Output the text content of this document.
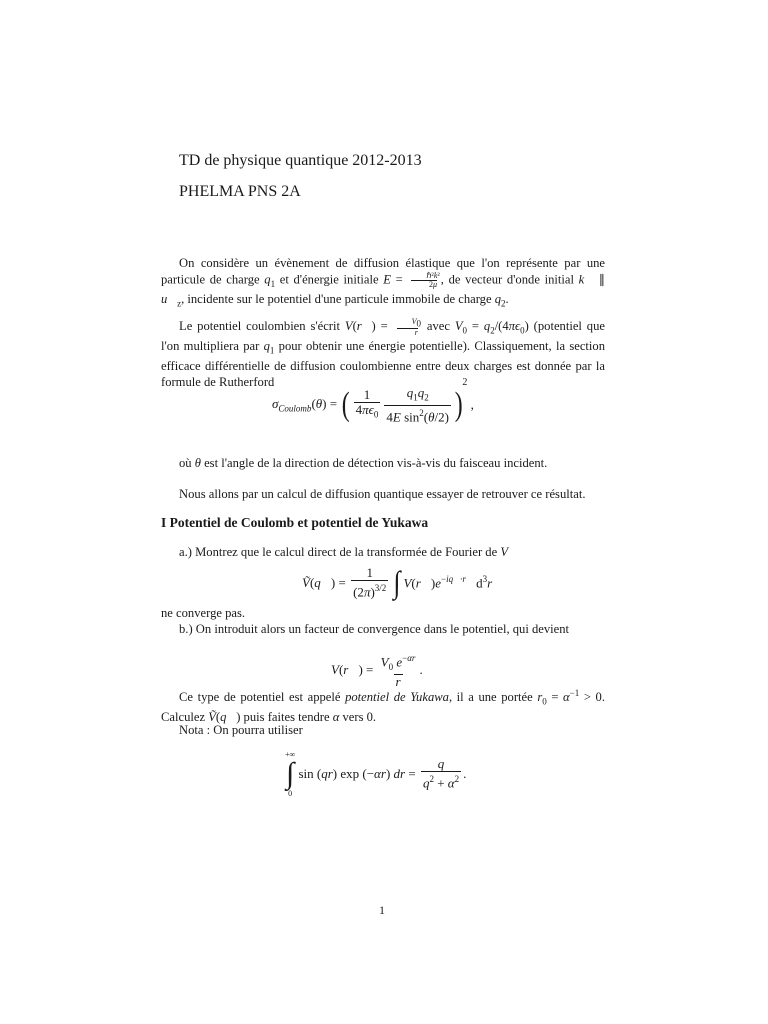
TD de physique quantique 2012-2013
PHELMA PNS 2A
On considère un évènement de diffusion élastique que l'on représente par une particule de charge $q_1$ et d'énergie initiale $E = \frac{\text{ℏ²k²}}{2\mu}$ , de vecteur d'onde initial k⃗ ∥ $u⃗_z$, incidente sur le potentiel d'une particule immobile de charge $q_2$.
Le potentiel coulombien s'écrit V(r⃗) = $\frac{V_0}{r}$ avec $V_0 = q_2/(4\pi\epsilon_0)$ (potentiel que l'on multipliera par $q_1$ pour obtenir une énergie potentielle). Classiquement, la section efficace différentielle de diffusion coulombienne entre deux charges est donnée par la formule de Rutherford
$\sigma_{Coulomb}(\theta)$ = ( $\frac{1}{4\pi\epsilon_0} \frac{q_1q_2}{4E \sin^2(\theta/2)}$ )
2
,
où θ est l'angle de la direction de détection vis-à-vis du faisceau incident.
Nous allons par un calcul de diffusion quantique essayer de retrouver ce résultat.
I Potentiel de Coulomb et potentiel de Yukawa
a.) Montrez que le calcul direct de la transformée de Fourier de V
Ṽ(q⃗) = $\frac{1}{(2\pi)^{3/2}}$ ∫ $V(r⃗)e^{-iq⃗\cdot r⃗}$ $d^3r⃗$
ne converge pas.
b.) On introduit alors un facteur de convergence dans le potentiel, qui devient
V(r⃗) = $\frac{V_0 e^{-\alpha r}}{r}$ .
Ce type de potentiel est appelé potentiel de Yukawa, il a une portée $r_0 = \alpha^{-1} > 0$. Calculez Ṽ(q⃗) puis faites tendre α vers 0.
Nota : On pourra utiliser
+∞
∫
0
sin (qr) exp (−αr) dr = $\frac{q}{q^2 + \alpha^2}$ .
1
